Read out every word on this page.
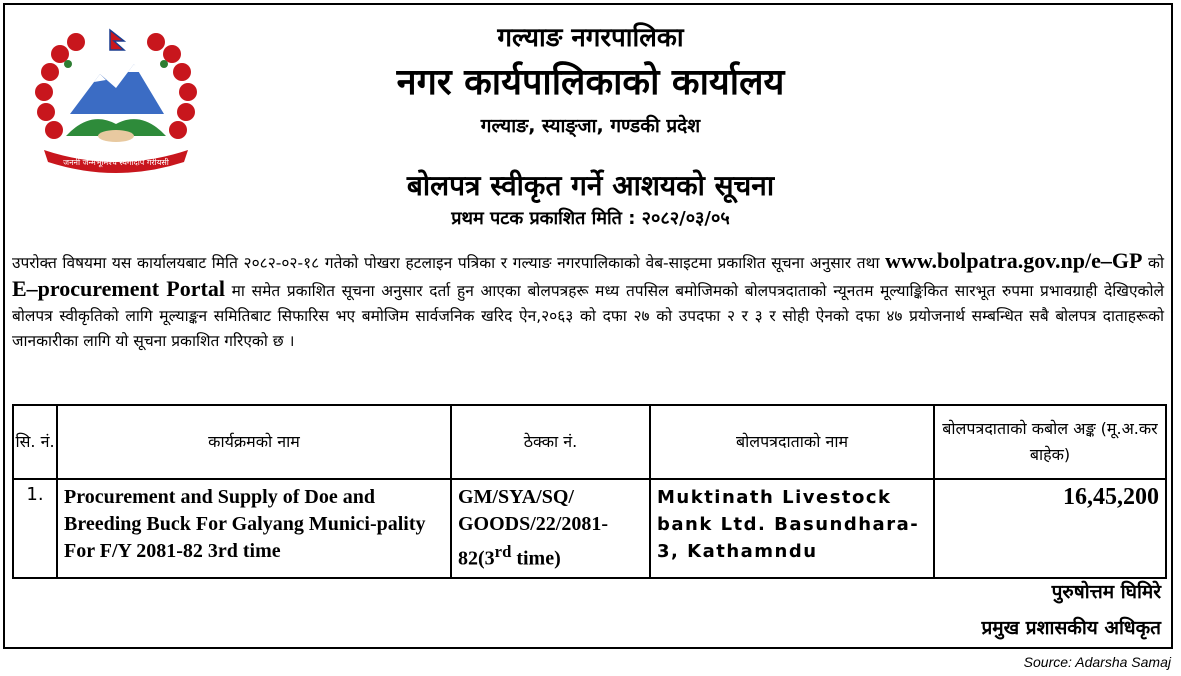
जननी जन्मभूमिश्च स्वर्गादपि गरीयसी
गल्याङ नगरपालिका
नगर कार्यपालिकाको कार्यालय
गल्याङ, स्याङ्जा, गण्डकी प्रदेश
बोलपत्र स्वीकृत गर्ने आशयको सूचना
प्रथम पटक प्रकाशित मिति : २०८२/०३/०५
उपरोक्त विषयमा यस कार्यालयबाट मिति २०८२-०२-१८ गतेको पोखरा हटलाइन पत्रिका र गल्याङ नगरपालिकाको वेब-साइटमा प्रकाशित सूचना अनुसार तथा www.bolpatra.gov.np/e–GP को E–procurement Portal मा समेत प्रकाशित सूचना अनुसार दर्ता हुन आएका बोलपत्रहरू मध्य तपसिल बमोजिमको बोलपत्रदाताको न्यूनतम मूल्याङ्किकित सारभूत रुपमा प्रभावग्राही देखिएकोले बोलपत्र स्वीकृतिको लागि मूल्याङ्कन समितिबाट सिफारिस भए बमोजिम सार्वजनिक खरिद ऐन,२०६३ को दफा २७ को उपदफा २ र ३ र सोही ऐनको दफा ४७ प्रयोजनार्थ सम्बन्धित सबै बोलपत्र दाताहरूको जानकारीका लागि यो सूचना प्रकाशित गरिएको छ ।
सि. नं.	कार्यक्रमको नाम	ठेक्का नं.	बोलपत्रदाताको नाम	बोलपत्रदाताको कबोल अङ्क (मू.अ.कर बाहेक)
1.	Procurement and Supply of Doe and Breeding Buck For Galyang Munici-pality For F/Y 2081-82 3rd time	GM/SYA/SQ/ GOODS/22/2081-82(3rd time)	Muktinath Livestock bank Ltd. Basundhara-3, Kathamndu	16,45,200
पुरुषोत्तम घिमिरे
प्रमुख प्रशासकीय अधिकृत
Source: Adarsha Samaj
